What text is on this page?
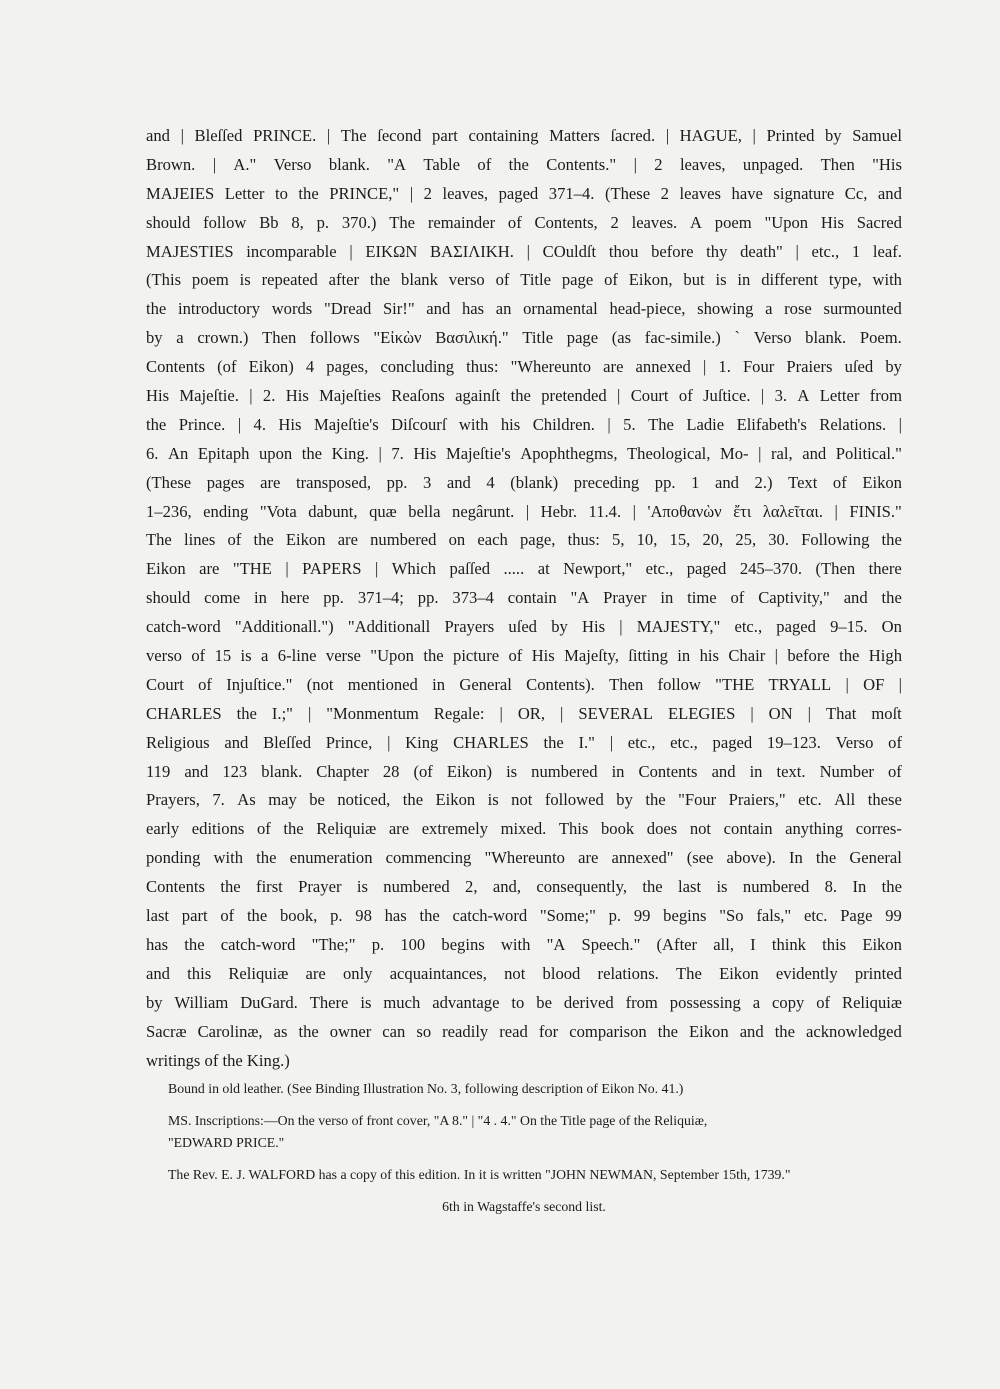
and | Bleſſed PRINCE. | The ſecond part containing Matters ſacred. | HAGUE, | Printed by Samuel
Brown. | A." Verso blank. "A Table of the Contents." | 2 leaves, unpaged. Then "His
MAJEIES Letter to the PRINCE," | 2 leaves, paged 371–4. (These 2 leaves have signature Cc, and
should follow Bb 8, p. 370.) The remainder of Contents, 2 leaves. A poem "Upon His Sacred
MAJESTIES incomparable | ΕΙΚΩΝ ΒΑΣΙΛΙΚΗ. | COuldſt thou before thy death" | etc., 1 leaf.
(This poem is repeated after the blank verso of Title page of Eikon, but is in different type, with
the introductory words "Dread Sir!" and has an ornamental head-piece, showing a rose surmounted
by a crown.) Then follows "Εἰκὼν Βασιλική." Title page (as fac-simile.) ` Verso blank. Poem.
Contents (of Eikon) 4 pages, concluding thus: "Whereunto are annexed | 1. Four Praiers uſed by
His Majeſtie. | 2. His Majeſties Reaſons againſt the pretended | Court of Juſtice. | 3. A Letter from
the Prince. | 4. His Majeſtie's Diſcourſ with his Children. | 5. The Ladie Elifabeth's Relations. |
6. An Epitaph upon the King. | 7. His Majeſtie's Apophthegms, Theological, Mo- | ral, and Political."
(These pages are transposed, pp. 3 and 4 (blank) preceding pp. 1 and 2.) Text of Eikon
1–236, ending "Vota dabunt, quæ bella negârunt. | Hebr. 11.4. | 'Αποθανὼν ἔτι λαλεῖται. | FINIS."
The lines of the Eikon are numbered on each page, thus: 5, 10, 15, 20, 25, 30. Following the
Eikon are "THE | PAPERS | Which paſſed ..... at Newport," etc., paged 245–370. (Then there
should come in here pp. 371–4; pp. 373–4 contain "A Prayer in time of Captivity," and the
catch-word "Additionall.") "Additionall Prayers uſed by His | MAJESTY," etc., paged 9–15. On
verso of 15 is a 6-line verse "Upon the picture of His Majeſty, ſitting in his Chair | before the High
Court of Injuſtice." (not mentioned in General Contents). Then follow "THE TRYALL | OF |
CHARLES the I.;" | "Monmentum Regale: | OR, | SEVERAL ELEGIES | ON | That moſt
Religious and Bleſſed Prince, | King CHARLES the I." | etc., etc., paged 19–123. Verso of
119 and 123 blank. Chapter 28 (of Eikon) is numbered in Contents and in text. Number of
Prayers, 7. As may be noticed, the Eikon is not followed by the "Four Praiers," etc. All these
early editions of the Reliquiæ are extremely mixed. This book does not contain anything corres-
ponding with the enumeration commencing "Whereunto are annexed" (see above). In the General
Contents the first Prayer is numbered 2, and, consequently, the last is numbered 8. In the
last part of the book, p. 98 has the catch-word "Some;" p. 99 begins "So fals," etc. Page 99
has the catch-word "The;" p. 100 begins with "A Speech." (After all, I think this Eikon
and this Reliquiæ are only acquaintances, not blood relations. The Eikon evidently printed
by William DuGard. There is much advantage to be derived from possessing a copy of Reliquiæ
Sacræ Carolinæ, as the owner can so readily read for comparison the Eikon and the acknowledged
writings of the King.)

Bound in old leather. (See Binding Illustration No. 3, following description of Eikon No. 41.)

MS. Inscriptions:—On the verso of front cover, "A 8." | "4 . 4." On the Title page of the Reliquiæ,
"EDWARD PRICE."

The Rev. E. J. WALFORD has a copy of this edition. In it is written "JOHN NEWMAN, September 15th, 1739."

6th in Wagstaffe's second list.
